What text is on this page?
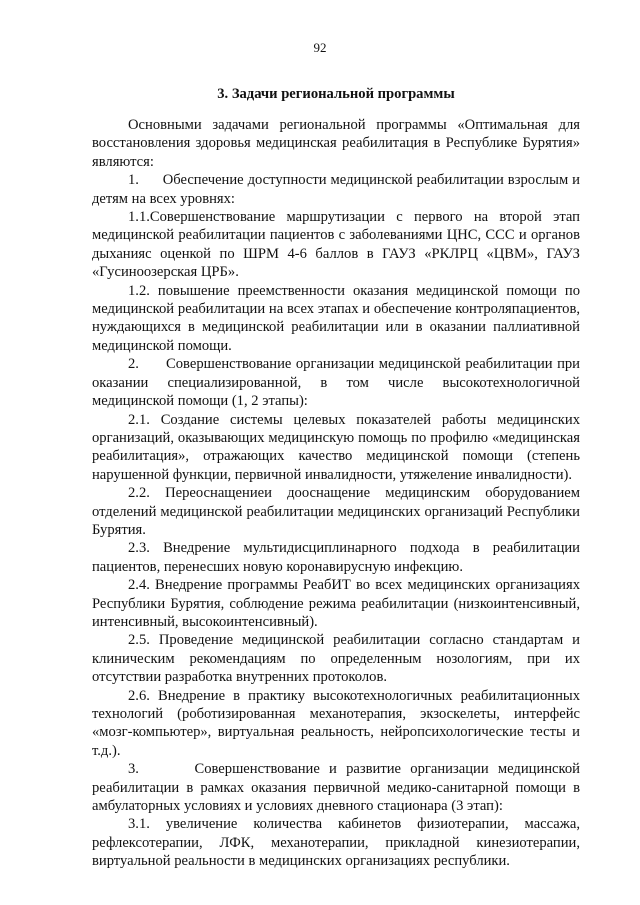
92
3. Задачи региональной программы

Основными задачами региональной программы «Оптимальная для восстановления здоровья медицинская реабилитация в Республике Бурятия» являются:

1.      Обеспечение доступности медицинской реабилитации взрослым и детям на всех уровнях:

1.1.Совершенствование маршрутизации с первого на второй этап медицинской реабилитации пациентов с заболеваниями ЦНС, ССС и органов дыханияс оценкой по ШРМ 4-6 баллов в ГАУЗ «РКЛРЦ «ЦВМ», ГАУЗ «Гусиноозерская ЦРБ».

1.2. повышение преемственности оказания медицинской помощи по медицинской реабилитации на всех этапах и обеспечение контроляпациентов, нуждающихся в медицинской реабилитации или в оказании паллиативной медицинской помощи.

2.      Совершенствование организации медицинской реабилитации при оказании специализированной, в том числе высокотехнологичной медицинской помощи (1, 2 этапы):

2.1. Создание системы целевых показателей работы медицинских организаций, оказывающих медицинскую помощь по профилю «медицинская реабилитация», отражающих качество медицинской помощи (степень нарушенной функции, первичной инвалидности, утяжеление инвалидности).

2.2. Переоснащениеи дооснащение медицинским оборудованием отделений медицинской реабилитации медицинских организаций Республики Бурятия.

2.3. Внедрение мультидисциплинарного подхода в реабилитации пациентов, перенесших новую коронавирусную инфекцию.

2.4. Внедрение программы РеабИТ во всех медицинских организациях Республики Бурятия, соблюдение режима реабилитации (низкоинтенсивный, интенсивный, высокоинтенсивный).

2.5. Проведение медицинской реабилитации согласно стандартам и клиническим рекомендациям по определенным нозологиям, при их отсутствии разработка внутренних протоколов.

2.6. Внедрение в практику высокотехнологичных реабилитационных технологий (роботизированная механотерапия, экзоскелеты, интерфейс «мозг-компьютер», виртуальная реальность, нейропсихологические тесты и т.д.).

3.      Совершенствование и развитие организации медицинской реабилитации в рамках оказания первичной медико-санитарной помощи в амбулаторных условиях и условиях дневного стационара (3 этап):

3.1. увеличение количества кабинетов физиотерапии, массажа, рефлексотерапии, ЛФК, механотерапии, прикладной кинезиотерапии, виртуальной реальности в медицинских организациях республики.
